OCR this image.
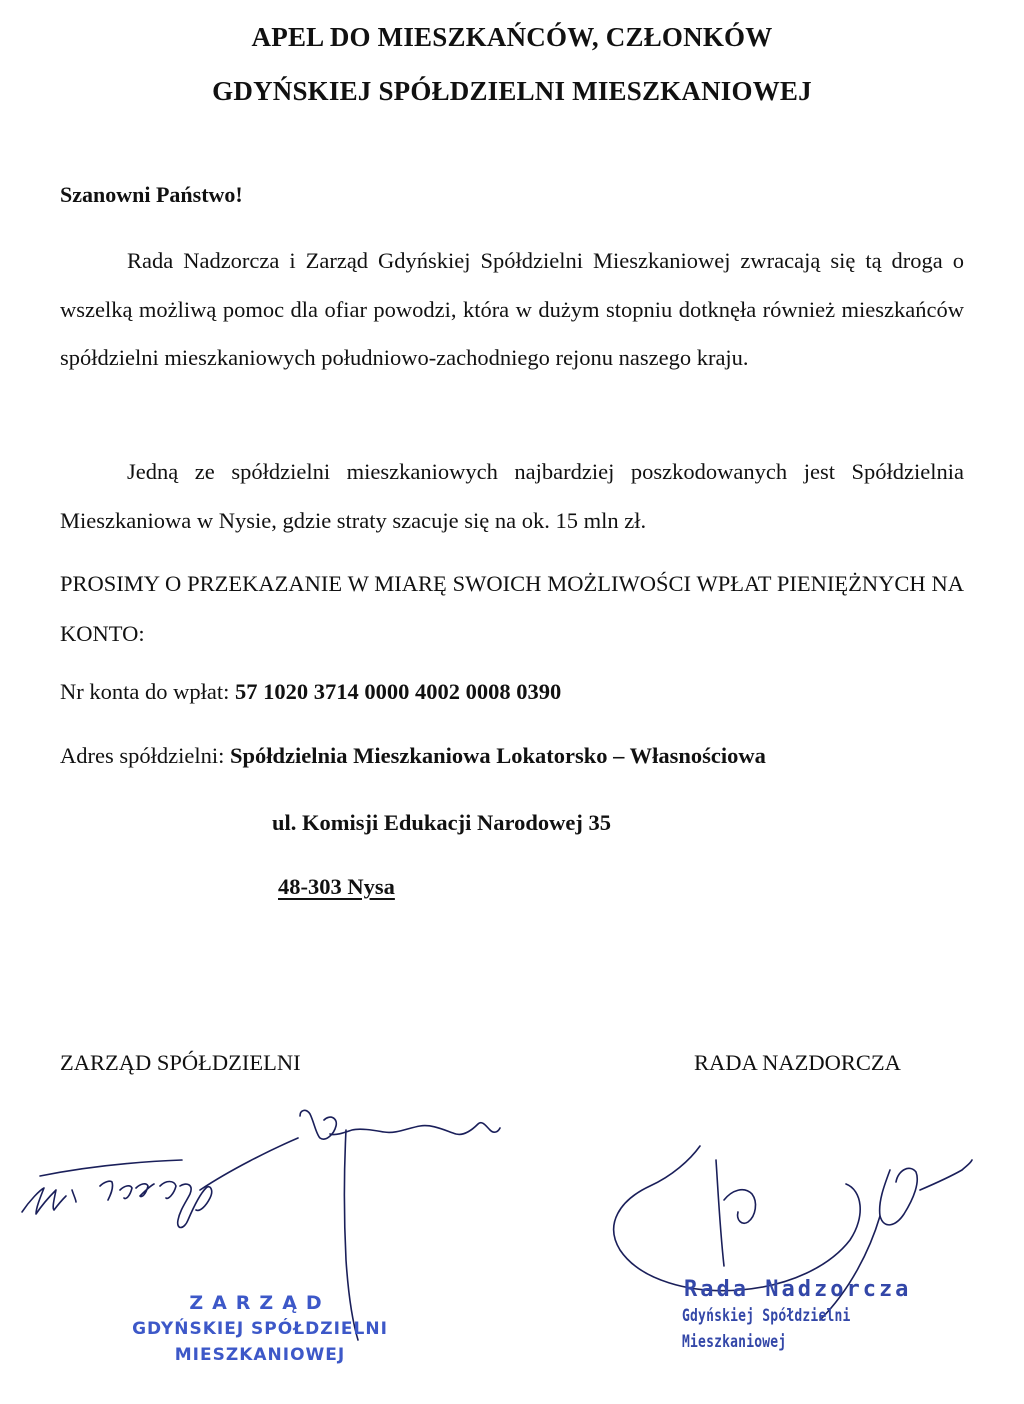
APEL DO MIESZKAŃCÓW, CZŁONKÓW
GDYŃSKIEJ SPÓŁDZIELNI MIESZKANIOWEJ
Szanowni Państwo!

Rada Nadzorcza i Zarząd Gdyńskiej Spółdzielni Mieszkaniowej zwracają się tą droga o wszelką możliwą pomoc dla ofiar powodzi, która w dużym stopniu dotknęła również mieszkańców spółdzielni mieszkaniowych południowo-zachodniego rejonu naszego kraju.

Jedną ze spółdzielni mieszkaniowych najbardziej poszkodowanych jest Spółdzielnia Mieszkaniowa w Nysie, gdzie straty szacuje się na ok. 15 mln zł.

PROSIMY O PRZEKAZANIE W MIARĘ SWOICH MOŻLIWOŚCI WPŁAT PIENIĘŻNYCH NA KONTO:

Nr konta do wpłat: 57 1020 3714 0000 4002 0008 0390
Adres spółdzielni: Spółdzielnia Mieszkaniowa Lokatorsko – Własnościowa
ul. Komisji Edukacji Narodowej 35
48-303 Nysa
ZARZĄD SPÓŁDZIELNI	RADA NAZDORCZA
ZARZĄD
GDYŃSKIEJ SPÓŁDZIELNI
MIESZKANIOWEJ
Rada Nadzorcza
Gdyńskiej Spółdzielni Mieszkaniowej
